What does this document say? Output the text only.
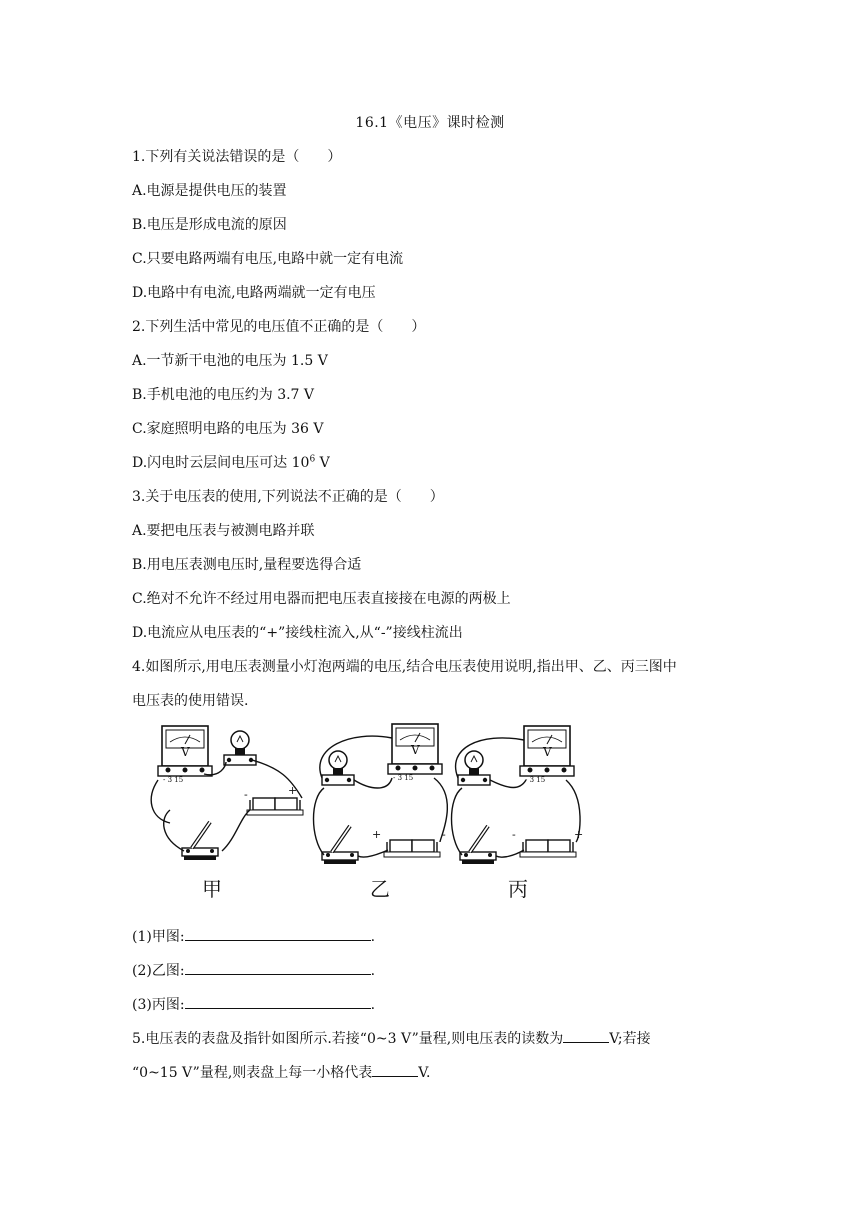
16.1《电压》课时检测
1.下列有关说法错误的是（　　）
A.电源是提供电压的装置
B.电压是形成电流的原因
C.只要电路两端有电压,电路中就一定有电流
D.电路中有电流,电路两端就一定有电压
2.下列生活中常见的电压值不正确的是（　　）
A.一节新干电池的电压为 1.5 V
B.手机电池的电压约为 3.7 V
C.家庭照明电路的电压为 36 V
D.闪电时云层间电压可达 $10^6$ V
3.关于电压表的使用,下列说法不正确的是（　　）
A.要把电压表与被测电路并联
B.用电压表测电压时,量程要选得合适
C.绝对不允许不经过用电器而把电压表直接接在电源的两极上
D.电流应从电压表的“+”接线柱流入,从“-”接线柱流出
4.如图所示,用电压表测量小灯泡两端的电压,结合电压表使用说明,指出甲、乙、丙三图中
电压表的使用错误.
V
- 3 15
-	+
甲
V
- 3 15
+	-
乙
V
- 3 15
-	+
丙
(1)甲图:	.
(2)乙图:	.
(3)丙图:	.
5.电压表的表盘及指针如图所示.若接“0~3 V”量程,则电压表的读数为	V;若接
“0~15 V”量程,则表盘上每一小格代表	V.
